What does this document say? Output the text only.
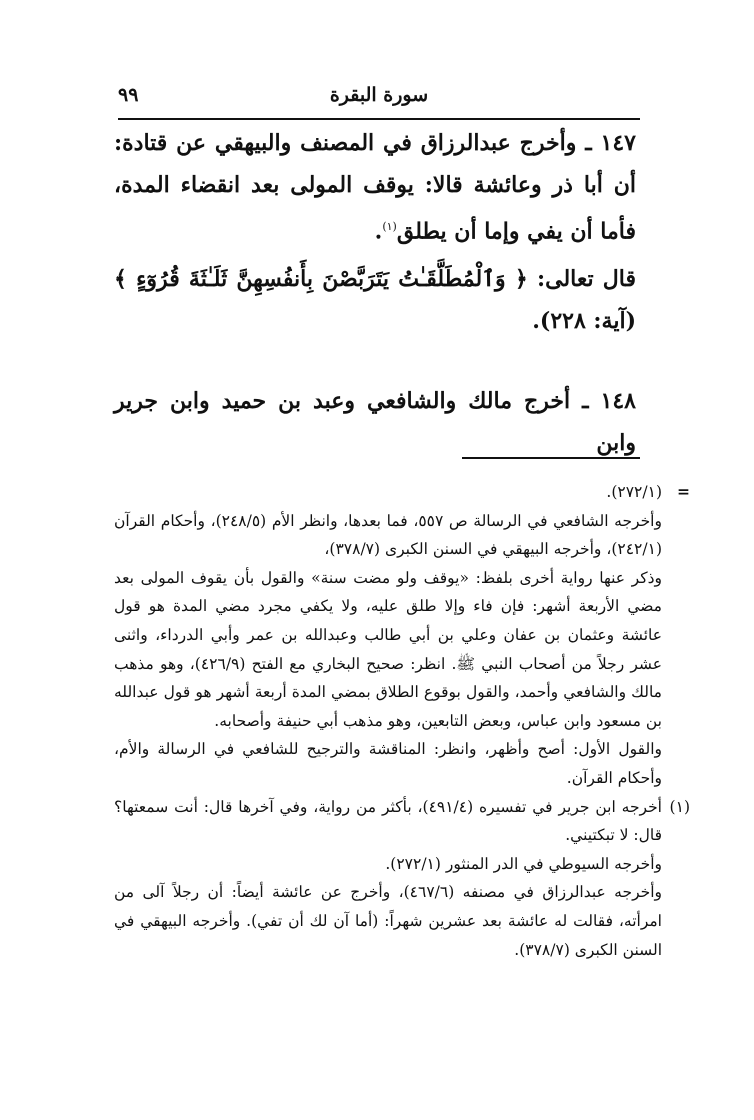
سورة البقرة
٩٩

١٤٧ ـ وأخرج عبدالرزاق في المصنف والبيهقي عن قتادة: أن أبا ذر وعائشة قالا: يوقف المولى بعد انقضاء المدة، فأما أن يفي وإما أن يطلق$^{(١)}$.

قال تعالى: ﴿ وَٱلْمُطَلَّقَـٰتُ يَتَرَبَّصْنَ بِأَنفُسِهِنَّ ثَلَـٰثَةَ قُرُوٓءٍ ﴾ (آية: ٢٢٨).

١٤٨ ـ أخرج مالك والشافعي وعبد بن حميد وابن جرير وابن

=

(٢٧٢/١).

وأخرجه الشافعي في الرسالة ص ٥٥٧، فما بعدها، وانظر الأم (٢٤٨/٥)، وأحكام القرآن (٢٤٢/١)، وأخرجه البيهقي في السنن الكبرى (٣٧٨/٧)،

وذكر عنها رواية أخرى بلفظ: «يوقف ولو مضت سنة» والقول بأن يقوف المولى بعد مضي الأربعة أشهر: فإن فاء وإلا طلق عليه، ولا يكفي مجرد مضي المدة هو قول عائشة وعثمان بن عفان وعلي بن أبي طالب وعبدالله بن عمر وأبي الدرداء، واثنى عشر رجلاً من أصحاب النبي ﷺ. انظر: صحيح البخاري مع الفتح (٤٢٦/٩)، وهو مذهب مالك والشافعي وأحمد، والقول بوقوع الطلاق بمضي المدة أربعة أشهر هو قول عبدالله بن مسعود وابن عباس، وبعض التابعين، وهو مذهب أبي حنيفة وأصحابه.

والقول الأول: أصح وأظهر، وانظر: المناقشة والترجيح للشافعي في الرسالة والأم، وأحكام القرآن.

(١)

أخرجه ابن جرير في تفسيره (٤٩١/٤)، بأكثر من رواية، وفي آخرها قال: أنت سمعتها؟ قال: لا تبكتيني.

وأخرجه السيوطي في الدر المنثور (٢٧٢/١).

وأخرجه عبدالرزاق في مصنفه (٤٦٧/٦)، وأخرج عن عائشة أيضاً: أن رجلاً آلى من امرأته، فقالت له عائشة بعد عشرين شهراً: (أما آن لك أن تفي). وأخرجه البيهقي في السنن الكبرى (٣٧٨/٧).
